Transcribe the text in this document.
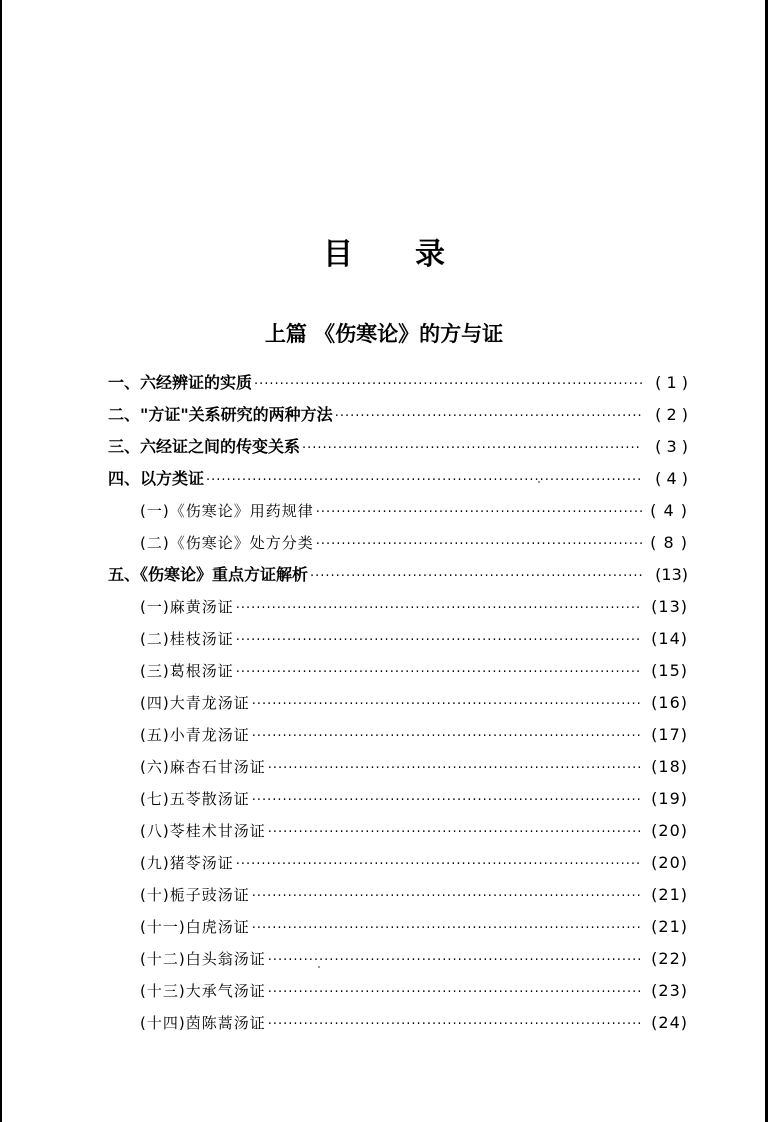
目 录
上篇 《伤寒论》的方与证
一、六经辨证的实质 ·····	( 1 )
二、"方证"关系研究的两种方法 ·····	( 2 )
三、六经证之间的传变关系 ·····	( 3 )
四、以方类证 ·····	( 4 )
(一)《伤寒论》用药规律 ·····	( 4 )
(二)《伤寒论》处方分类 ·····	( 8 )
五、《伤寒论》重点方证解析 ·····	(13)
(一)麻黄汤证 ·····	(13)
(二)桂枝汤证 ·····	(14)
(三)葛根汤证 ·····	(15)
(四)大青龙汤证 ·····	(16)
(五)小青龙汤证 ·····	(17)
(六)麻杏石甘汤证 ·····	(18)
(七)五苓散汤证 ·····	(19)
(八)苓桂术甘汤证 ·····	(20)
(九)猪苓汤证 ·····	(20)
(十)栀子豉汤证 ·····	(21)
(十一)白虎汤证 ·····	(21)
(十二)白头翁汤证 ·····	(22)
(十三)大承气汤证 ·····	(23)
(十四)茵陈蒿汤证 ·····	(24)
